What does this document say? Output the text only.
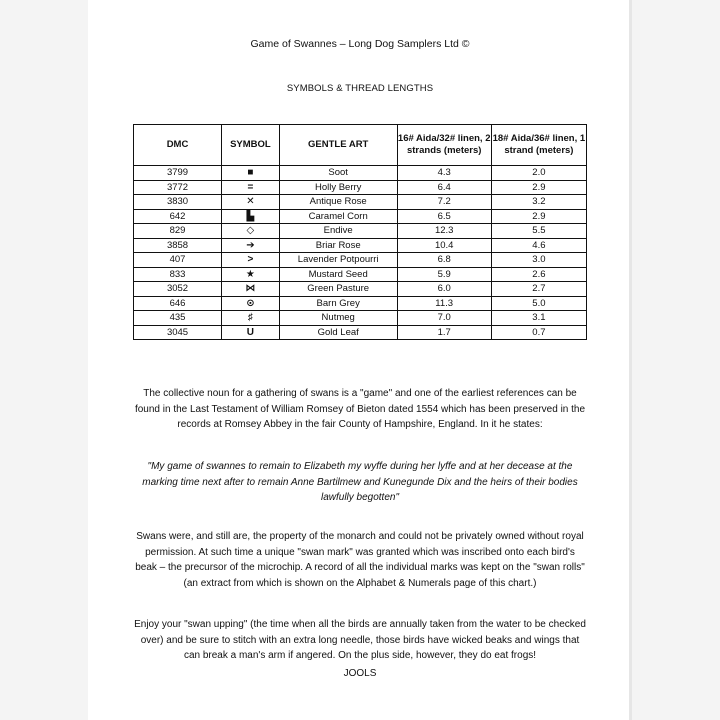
Game of Swannes – Long Dog Samplers Ltd ©
SYMBOLS & THREAD LENGTHS
DMC	SYMBOL	GENTLE ART	16# Aida/32# linen, 2 strands (meters)	18# Aida/36# linen, 1 strand (meters)
3799	■	Soot	4.3	2.0
3772	=	Holly Berry	6.4	2.9
3830	✕	Antique Rose	7.2	3.2
642	▙	Caramel Corn	6.5	2.9
829	◇	Endive	12.3	5.5
3858	➔	Briar Rose	10.4	4.6
407	>	Lavender Potpourri	6.8	3.0
833	★	Mustard Seed	5.9	2.6
3052	⋈	Green Pasture	6.0	2.7
646	⊙	Barn Grey	11.3	5.0
435	♯	Nutmeg	7.0	3.1
3045	U	Gold Leaf	1.7	0.7
The collective noun for a gathering of swans is a "game" and one of the earliest references can be found in the Last Testament of William Romsey of Bieton dated 1554 which has been preserved in the records at Romsey Abbey in the fair County of Hampshire, England. In it he states:
"My game of swannes to remain to Elizabeth my wyffe during her lyffe and at her decease at the marking time next after to remain Anne Bartilmew and Kunegunde Dix and the heirs of their bodies lawfully begotten"
Swans were, and still are, the property of the monarch and could not be privately owned without royal permission. At such time a unique "swan mark" was granted which was inscribed onto each bird's beak – the precursor of the microchip. A record of all the individual marks was kept on the "swan rolls" (an extract from which is shown on the Alphabet & Numerals page of this chart.)
Enjoy your "swan upping" (the time when all the birds are annually taken from the water to be checked over) and be sure to stitch with an extra long needle, those birds have wicked beaks and wings that can break a man's arm if angered. On the plus side, however, they do eat frogs!
JOOLS
